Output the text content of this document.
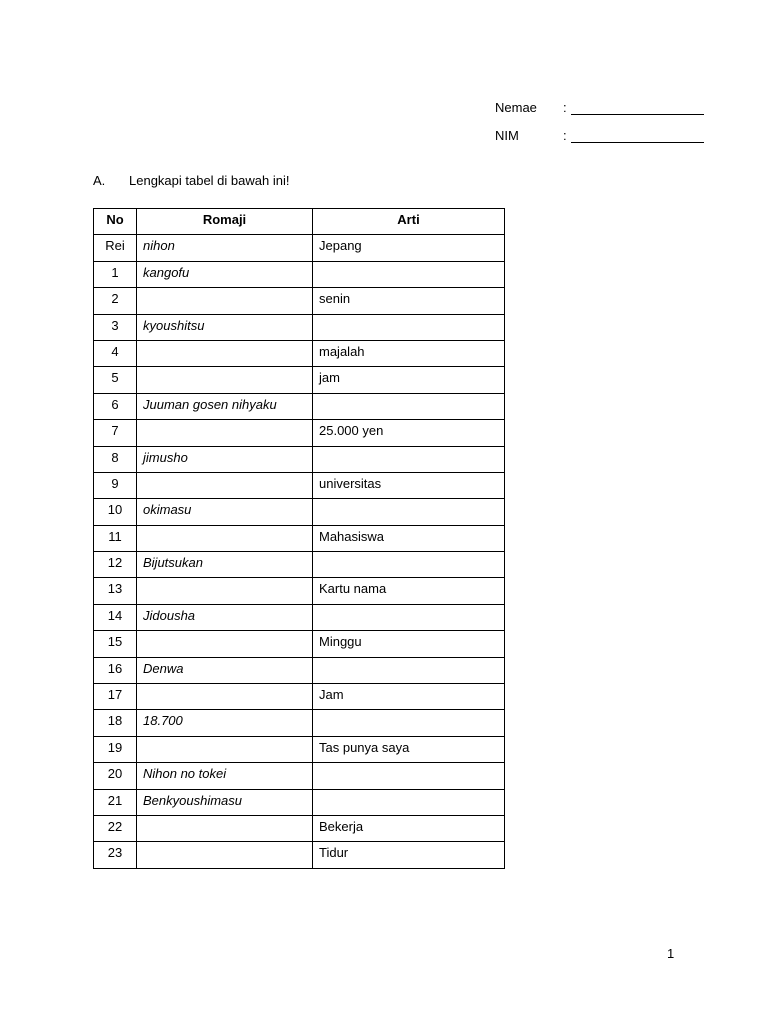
Nemae	:
NIM	:
A.	Lengkapi tabel di bawah ini!
No	Romaji	Arti
Rei	nihon	Jepang
1	kangofu	
2		senin
3	kyoushitsu	
4		majalah
5		jam
6	Juuman gosen nihyaku	
7		25.000 yen
8	jimusho	
9		universitas
10	okimasu	
11		Mahasiswa
12	Bijutsukan	
13		Kartu nama
14	Jidousha	
15		Minggu
16	Denwa	
17		Jam
18	18.700	
19		Tas punya saya
20	Nihon no tokei	
21	Benkyoushimasu	
22		Bekerja
23		Tidur
1
